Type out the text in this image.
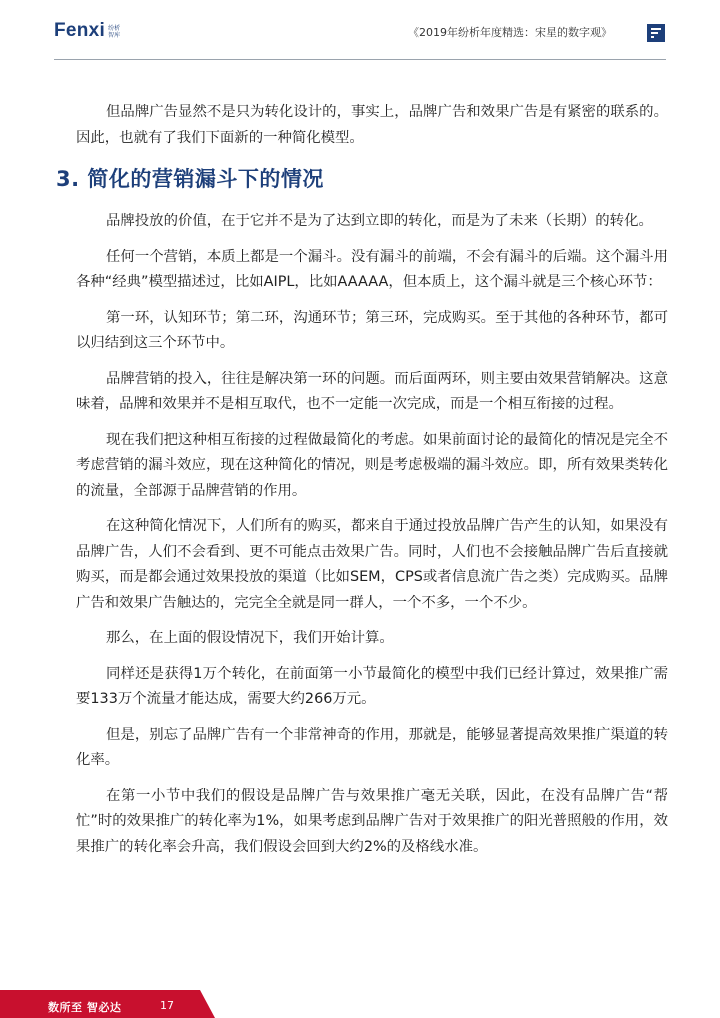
Fenxi 纷析
智库	《2019年纷析年度精选：宋星的数字观》

但品牌广告显然不是只为转化设计的，事实上，品牌广告和效果广告是有紧密的联系的。因此，也就有了我们下面新的一种简化模型。

3. 简化的营销漏斗下的情况

品牌投放的价值，在于它并不是为了达到立即的转化，而是为了未来（长期）的转化。

任何一个营销，本质上都是一个漏斗。没有漏斗的前端，不会有漏斗的后端。这个漏斗用各种“经典”模型描述过，比如AIPL，比如AAAAA，但本质上，这个漏斗就是三个核心环节：

第一环，认知环节；第二环，沟通环节；第三环，完成购买。至于其他的各种环节，都可以归结到这三个环节中。

品牌营销的投入，往往是解决第一环的问题。而后面两环，则主要由效果营销解决。这意味着，品牌和效果并不是相互取代，也不一定能一次完成，而是一个相互衔接的过程。

现在我们把这种相互衔接的过程做最简化的考虑。如果前面讨论的最简化的情况是完全不考虑营销的漏斗效应，现在这种简化的情况，则是考虑极端的漏斗效应。即，所有效果类转化的流量，全部源于品牌营销的作用。

在这种简化情况下，人们所有的购买，都来自于通过投放品牌广告产生的认知，如果没有品牌广告，人们不会看到、更不可能点击效果广告。同时，人们也不会接触品牌广告后直接就购买，而是都会通过效果投放的渠道（比如SEM，CPS或者信息流广告之类）完成购买。品牌广告和效果广告触达的，完完全全就是同一群人，一个不多，一个不少。

那么，在上面的假设情况下，我们开始计算。

同样还是获得1万个转化，在前面第一小节最简化的模型中我们已经计算过，效果推广需要133万个流量才能达成，需要大约266万元。

但是，别忘了品牌广告有一个非常神奇的作用，那就是，能够显著提高效果推广渠道的转化率。

在第一小节中我们的假设是品牌广告与效果推广毫无关联，因此，在没有品牌广告“帮忙”时的效果推广的转化率为1%，如果考虑到品牌广告对于效果推广的阳光普照般的作用，效果推广的转化率会升高，我们假设会回到大约2%的及格线水准。

数所至 智必达	17
